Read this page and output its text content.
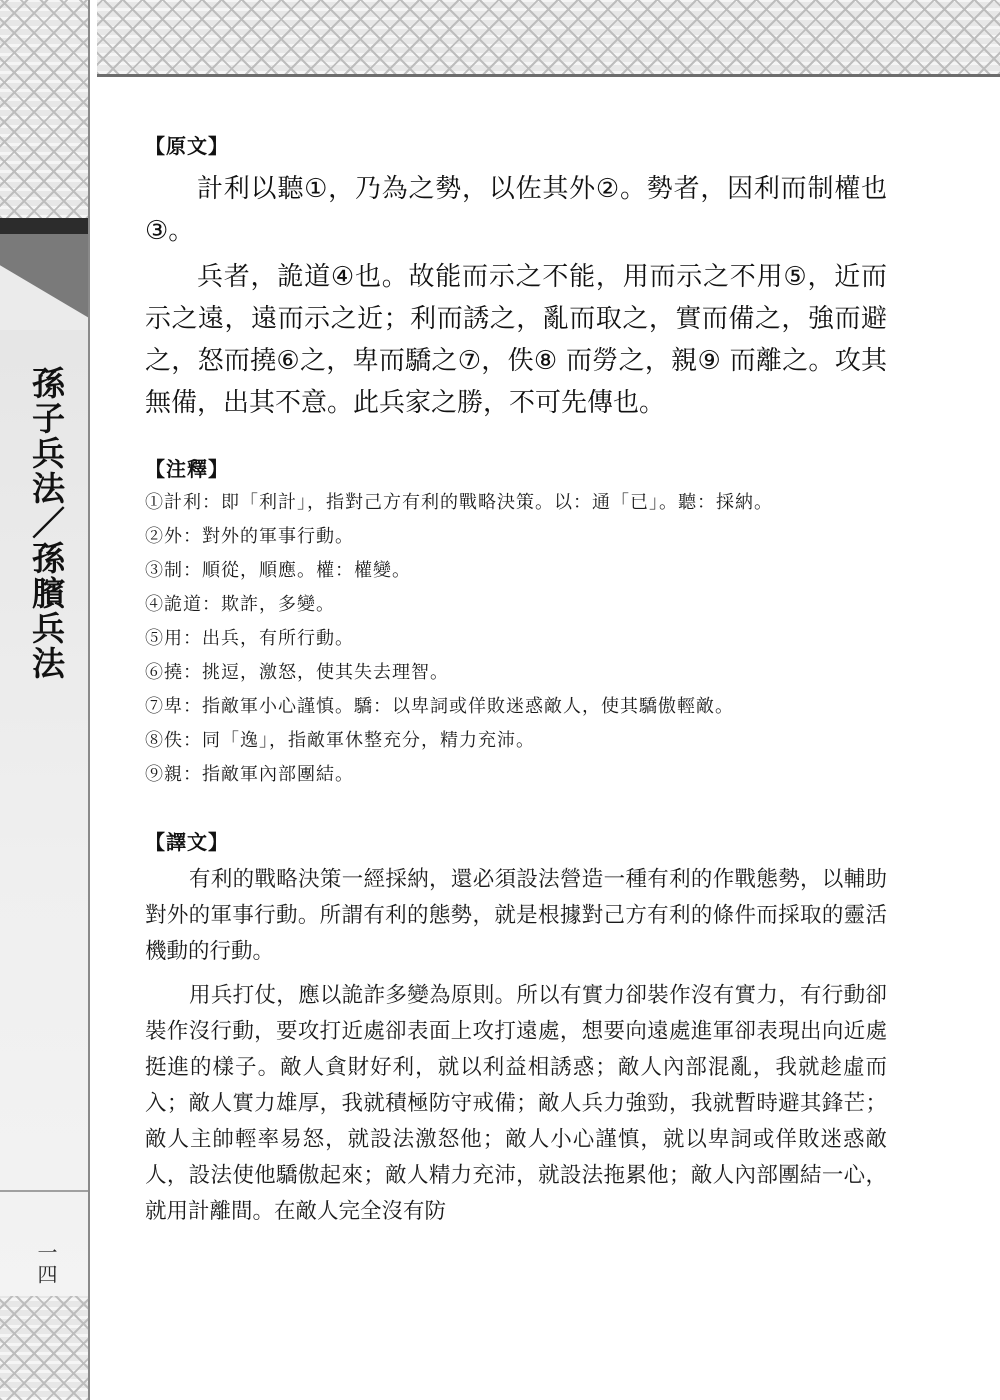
孫子兵法／孫臏兵法
一四
【原文】

計利以聽①，乃為之勢，以佐其外②。勢者，因利而制權也③。

兵者，詭道④也。故能而示之不能，用而示之不用⑤，近而示之遠，遠而示之近；利而誘之，亂而取之，實而備之，強而避之，怒而撓⑥之，卑而驕之⑦，佚⑧ 而勞之，親⑨ 而離之。攻其無備，出其不意。此兵家之勝，不可先傳也。

【注釋】
①計利：即「利計」，指對己方有利的戰略決策。以：通「已」。聽：採納。
②外：對外的軍事行動。
③制：順從，順應。權：權變。
④詭道：欺詐，多變。
⑤用：出兵，有所行動。
⑥撓：挑逗，激怒，使其失去理智。
⑦卑：指敵軍小心謹慎。驕：以卑詞或佯敗迷惑敵人，使其驕傲輕敵。
⑧佚：同「逸」，指敵軍休整充分，精力充沛。
⑨親：指敵軍內部團結。
【譯文】

有利的戰略決策一經採納，還必須設法營造一種有利的作戰態勢，以輔助對外的軍事行動。所謂有利的態勢，就是根據對己方有利的條件而採取的靈活機動的行動。

用兵打仗，應以詭詐多變為原則。所以有實力卻裝作沒有實力，有行動卻裝作沒行動，要攻打近處卻表面上攻打遠處，想要向遠處進軍卻表現出向近處挺進的樣子。敵人貪財好利，就以利益相誘惑；敵人內部混亂，我就趁虛而入；敵人實力雄厚，我就積極防守戒備；敵人兵力強勁，我就暫時避其鋒芒；敵人主帥輕率易怒，就設法激怒他；敵人小心謹慎，就以卑詞或佯敗迷惑敵人，設法使他驕傲起來；敵人精力充沛，就設法拖累他；敵人內部團結一心，就用計離間。在敵人完全沒有防
